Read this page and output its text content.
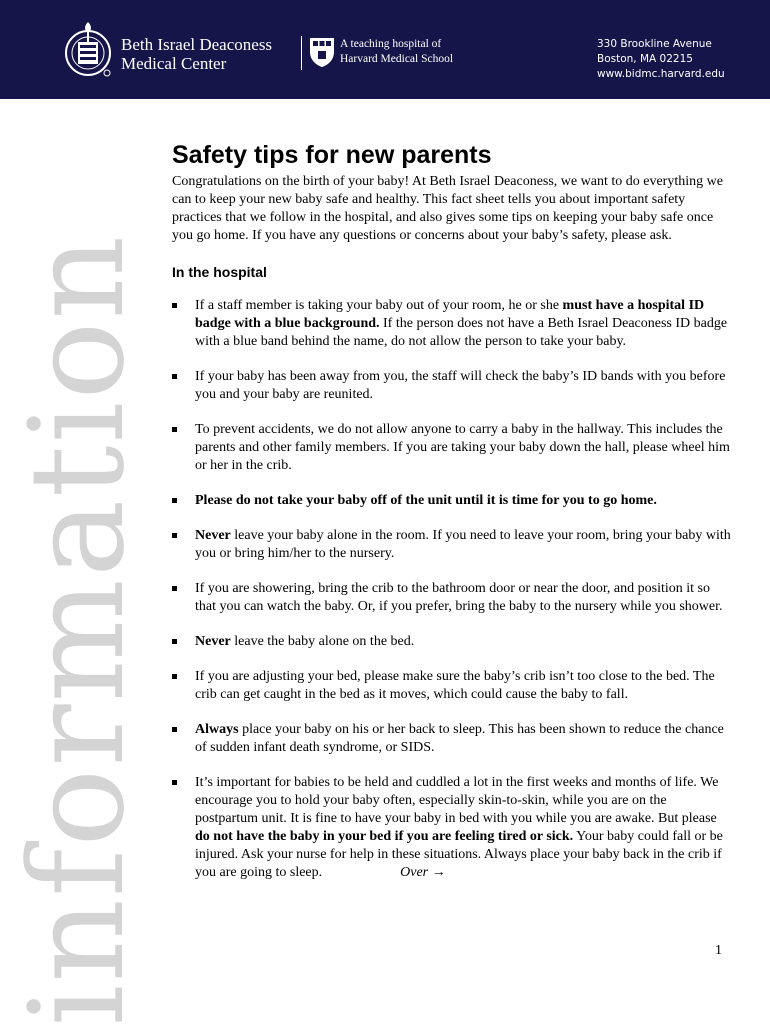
Beth Israel Deaconess
Medical Center
A teaching hospital of
Harvard Medical School
330 Brookline Avenue
Boston, MA 02215
www.bidmc.harvard.edu
information
Safety tips for new parents

Congratulations on the birth of your baby! At Beth Israel Deaconess, we want to do everything we can to keep your new baby safe and healthy. This fact sheet tells you about important safety practices that we follow in the hospital, and also gives some tips on keeping your baby safe once you go home. If you have any questions or concerns about your baby’s safety, please ask.

In the hospital
If a staff member is taking your baby out of your room, he or she must have a hospital ID badge with a blue background. If the person does not have a Beth Israel Deaconess ID badge with a blue band behind the name, do not allow the person to take your baby.
If your baby has been away from you, the staff will check the baby’s ID bands with you before you and your baby are reunited.
To prevent accidents, we do not allow anyone to carry a baby in the hallway. This includes the parents and other family members. If you are taking your baby down the hall, please wheel him or her in the crib.
Please do not take your baby off of the unit until it is time for you to go home.
Never leave your baby alone in the room. If you need to leave your room, bring your baby with you or bring him/her to the nursery.
If you are showering, bring the crib to the bathroom door or near the door, and position it so that you can watch the baby. Or, if you prefer, bring the baby to the nursery while you shower.
Never leave the baby alone on the bed.
If you are adjusting your bed, please make sure the baby’s crib isn’t too close to the bed. The crib can get caught in the bed as it moves, which could cause the baby to fall.
Always place your baby on his or her back to sleep. This has been shown to reduce the chance of sudden infant death syndrome, or SIDS.
It’s important for babies to be held and cuddled a lot in the first weeks and months of life. We encourage you to hold your baby often, especially skin-to-skin, while you are on the postpartum unit. It is fine to have your baby in bed with you while you are awake. But please do not have the baby in your bed if you are feeling tired or sick. Your baby could fall or be injured. Ask your nurse for help in these situations. Always place your baby back in the crib if you are going to sleep.	Over →
1
